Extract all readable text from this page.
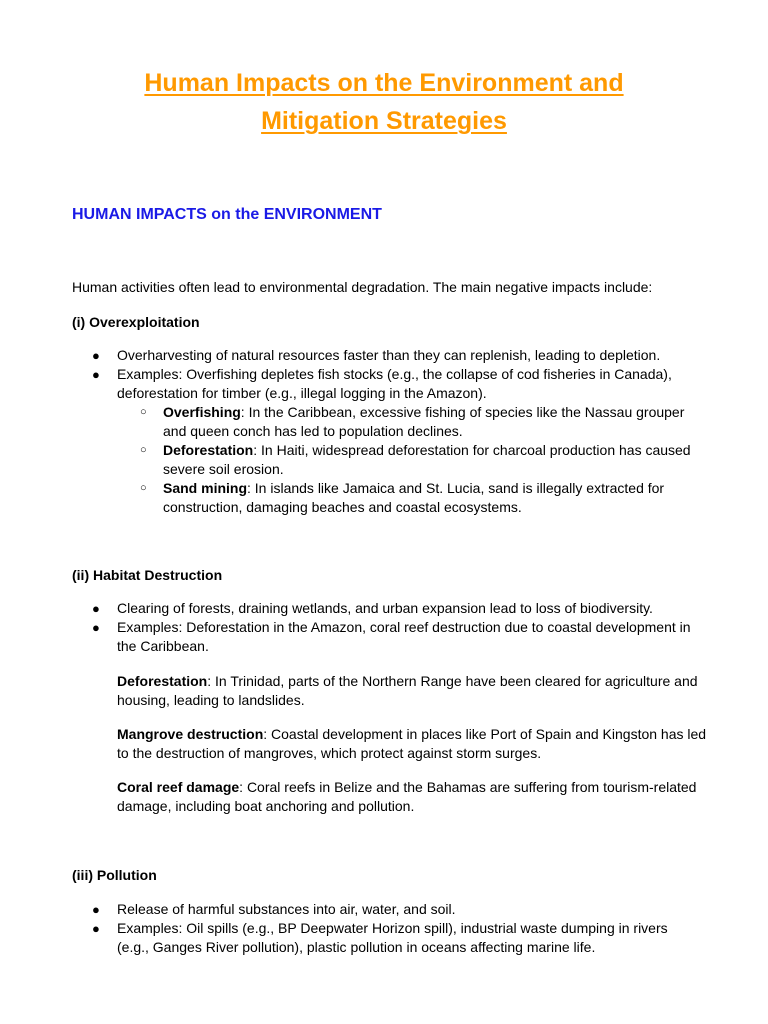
Human Impacts on the Environment and
Mitigation Strategies
HUMAN IMPACTS on the ENVIRONMENT
Human activities often lead to environmental degradation. The main negative impacts include:
(i) Overexploitation
● Overharvesting of natural resources faster than they can replenish, leading to depletion.
● Examples: Overfishing depletes fish stocks (e.g., the collapse of cod fisheries in Canada), deforestation for timber (e.g., illegal logging in the Amazon).
○ Overfishing: In the Caribbean, excessive fishing of species like the Nassau grouper and queen conch has led to population declines.
○ Deforestation: In Haiti, widespread deforestation for charcoal production has caused severe soil erosion.
○ Sand mining: In islands like Jamaica and St. Lucia, sand is illegally extracted for construction, damaging beaches and coastal ecosystems.
(ii) Habitat Destruction
● Clearing of forests, draining wetlands, and urban expansion lead to loss of biodiversity.
● Examples: Deforestation in the Amazon, coral reef destruction due to coastal development in the Caribbean.
Deforestation: In Trinidad, parts of the Northern Range have been cleared for agriculture and housing, leading to landslides.
Mangrove destruction: Coastal development in places like Port of Spain and Kingston has led to the destruction of mangroves, which protect against storm surges.
Coral reef damage: Coral reefs in Belize and the Bahamas are suffering from tourism-related damage, including boat anchoring and pollution.
(iii) Pollution
● Release of harmful substances into air, water, and soil.
● Examples: Oil spills (e.g., BP Deepwater Horizon spill), industrial waste dumping in rivers (e.g., Ganges River pollution), plastic pollution in oceans affecting marine life.
